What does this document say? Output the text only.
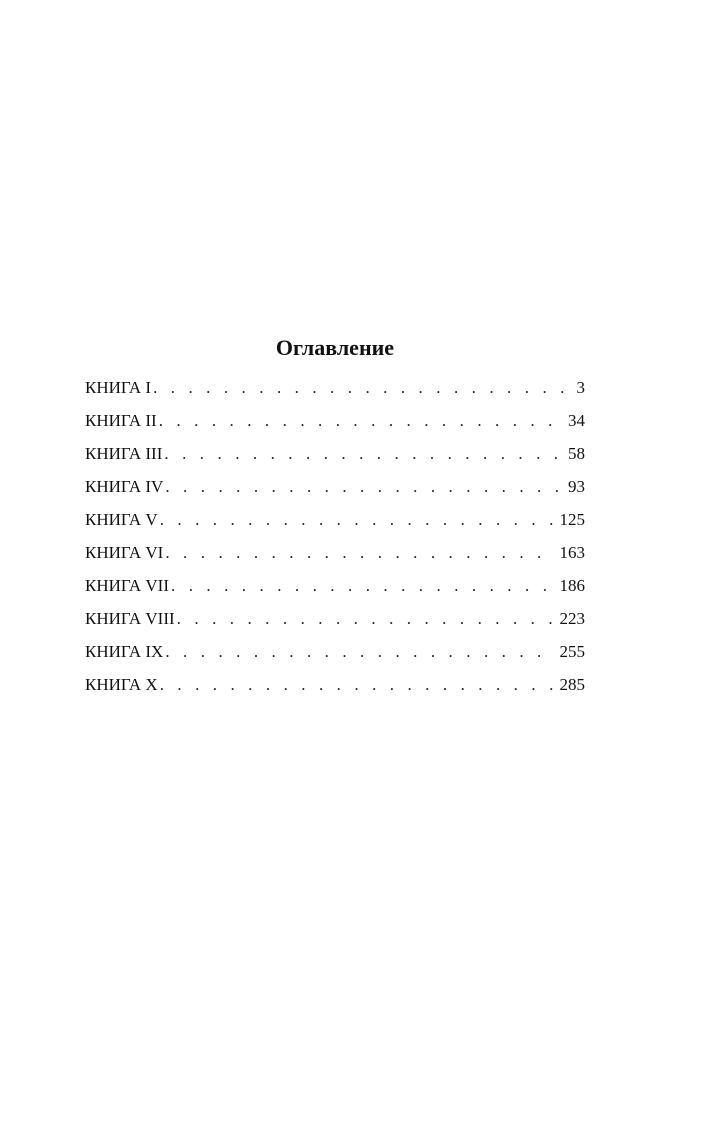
Оглавление
КНИГА I . . .	3
КНИГА II . . .	34
КНИГА III . . .	58
КНИГА IV . . .	93
КНИГА V . . .	125
КНИГА VI . . .	163
КНИГА VII . . .	186
КНИГА VIII . . .	223
КНИГА IX . . .	255
КНИГА X . . .	285
